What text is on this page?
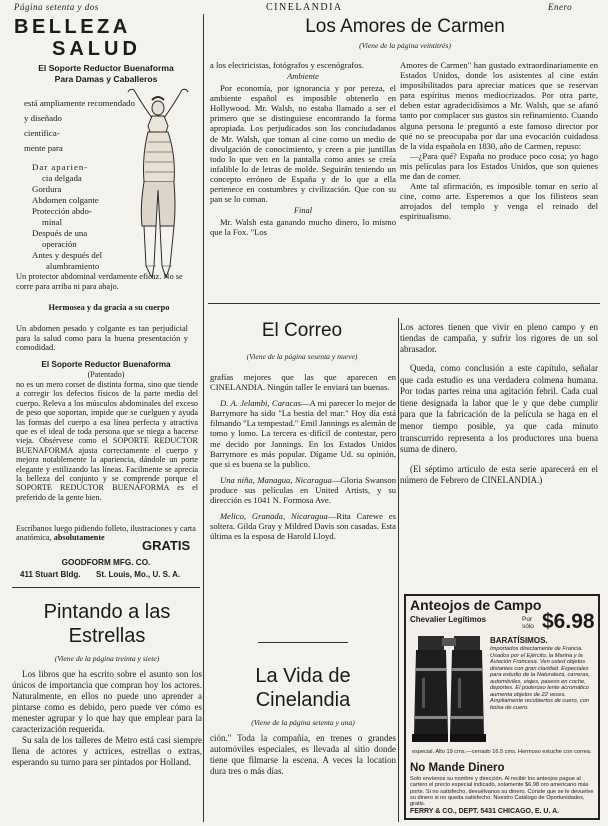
Página setenta y dos	CINELANDIA	Enero
BELLEZA
SALUD
El Soporte Reductor Buenaforma
Para Damas y Caballeros
está ampliamente recomendado
y diseñado
científica-
mente para
Dar aparien-
cia delgada
Gordura
Abdomen colgante
Protección abdo-
minal
Después de una
operación
Antes y después del
alumbramiento
Un protector abdominal verdamente eficaz. No se corre para arriba ni para abajo.
Hermosea y da gracia a su cuerpo
Un abdomen pesado y colgante es tan perjudicial para la salud como para la buena presentación y comodidad.
El Soporte Reductor Buenaforma
(Patentado)
no es un mero corset de distinta forma, sino que tiende a corregir los defectos físicos de la parte media del cuerpo. Releva a los músculos abdominales del exceso de peso que soportan, impide que se cuelguen y ayuda las formas del cuerpo a esa línea perfecta y atractiva que es el ideal de toda persona que se niega a hacerse vieja. Obsérvese como el SOPORTE REDUCTOR BUENAFORMA ajusta correctamente el cuerpo y mejora notablemente la apariencia, dándole un porte elegante y estilizando las líneas. Facilmente se aprecia la belleza del conjunto y se comprende porque el SOPORTE REDUCTOR BUENAFORMA es el preferido de la gente bien.
Escríbanos luego pidiendo folleto, ilustraciones y carta anatómica, absolutamente
GRATIS
GOODFORM MFG. CO.
411 Stuart Bldg. St. Louis, Mo., U. S. A.
Pintando a las
Estrellas
(Viene de la página treinta y siete)

Los libros que ha escrito sobre el asunto son los únicos de importancia que compran hoy los actores. Naturalmente, en ellos no puede uno aprender a pintarse como es debido, pero puede ver cómo es menester agrupar y lo que hay que emplear para la caracterización requerida.

Su sala de los talleres de Metro está casi siempre llena de actores y actrices, estrellas o extras, esperando su turno para ser pintados por Holland.

Los Amores de Carmen
(Viene de la página veintitrés)

a los electricistas, fotógrafos y escenógrafos.

Ambiente

Por economía, por ignorancia y por pereza, el ambiente español es imposible obtenerlo en Hollywood. Mr. Walsh, no estaba llamado a ser el primero que se distinguiese encontrando la forma apropiada. Los perjudicados son los conciudadanos de Mr. Walsh, que toman al cine como un medio de divulgación de conocimiento, y creen a pie juntillas todo lo que ven en la pantalla como antes se creía infalible lo de letras de molde. Seguirán teniendo un concepto erróneo de España y de lo que a ella pertenece en costumbres y civilización. Que con su pan se lo coman.

Final

Mr. Walsh esta ganando mucho dinero, lo mismo que la Fox. "Los

Amores de Carmen" han gustado extraordinariamente en Estados Unidos, donde los asistentes al cine están imposibilitados para apreciar matices que se reservan para espíritus menos mediocrizados. Por otra parte, deben estar agradecidísimos a Mr. Walsh, que se afanó tanto por complacer sus gustos sin refinamiento. Cuando alguna persona le preguntó a este famoso director por qué no se preocupaba por dar una evocación cuidadosa de la vida española en 1830, año de Carmen, repuso:

—¿Para qué? España no produce poco cosa; yo hago mis películas para los Estados Unidos, que son quienes me dan de comer.

Ante tal afirmación, es imposible tomar en serio al cine, como arte. Esperemos a que los filisteos sean arrojados del templo y venga el reinado del espiritualismo.

El Correo
(Viene de la página sesenta y nueve)

grafías mejores que las que aparecen en CINELANDIA. Ningún taller le enviará tan buenas.

D. A. Jelambi, Caracas—A mi parecer lo mejor de Barrymore ha sido "La bestia del mar." Hoy día está filmando "La tempestad." Emil Jannings es alemán de tomo y lomo. La tercera es difícil de contestar, pero me decido por Jannings. En los Estados Unidos Barrymore es más popular. Dígame Ud. su opinión, que si es buena se la publico.

Una niña, Managua, Nicaragua—Gloria Swanson produce sus películas en United Artists, y su dirección es 1041 N. Formosa Ave.

Melico, Granada, Nicaragua—Rita Carewe es soltera. Gilda Gray y Mildred Davis son casadas. Esta última es la esposa de Harold Lloyd.

Los actores tienen que vivir en pleno campo y en tiendas de campaña, y sufrir los rigores de un sol abrasador.

Queda, como conclusión a este capítulo, señalar que cada estudio es una verdadera colmena humana. Por todas partes reina una agitación febril. Cada cual tiene designada la labor que le y que debe cumplir para que la fabricación de la película se haga en el menor tiempo posible, ya que cada minuto transcurrido representa a los productores una buena suma de dinero.

(El séptimo artículo de esta serie aparecerá en el número de Febrero de CINELANDIA.)

La Vida de
Cinelandia
(Viene de la página setenta y una)

ción." Toda la compañía, en trenes o grandes automóviles especiales, es llevada al sitio donde tiene que filmarse la escena. A veces la location dura tres o más días.

Anteojos de Campo
Chevalier Legítimos	Por sólo $6.98
BARATÍSIMOS.
Importados directamente de Francia. Usados por el Ejército, la Marina y la Aviación Francesa. Ven usted objetos distantes con gran claridad. Especiales para estudio de la Naturaleza, carreras, automóviles, viajes, paseos en coche, deportes. El poderoso lente acromático aumenta objetos de 22 veces. Ampliamente recubiertos de cuero, con bolsa de cuero.
especial. Alto 19 cms.—cerrado 16.5 cms. Hermoso estuche con correa.
No Mande Dinero
Solo envíenos su nombre y dirección. Al recibir los anteojos pague al cartero el precio especial indicado, solamente $6.98 oro americano más porte. Si no satisfecho, devuélvanos su dinero. Conste que se le devuelve su dinero si no queda satisfecho. Nuestro Catálogo de Oportunidades, gratis.
FERRY & CO., DEPT. 5431 CHICAGO, E. U. A.
